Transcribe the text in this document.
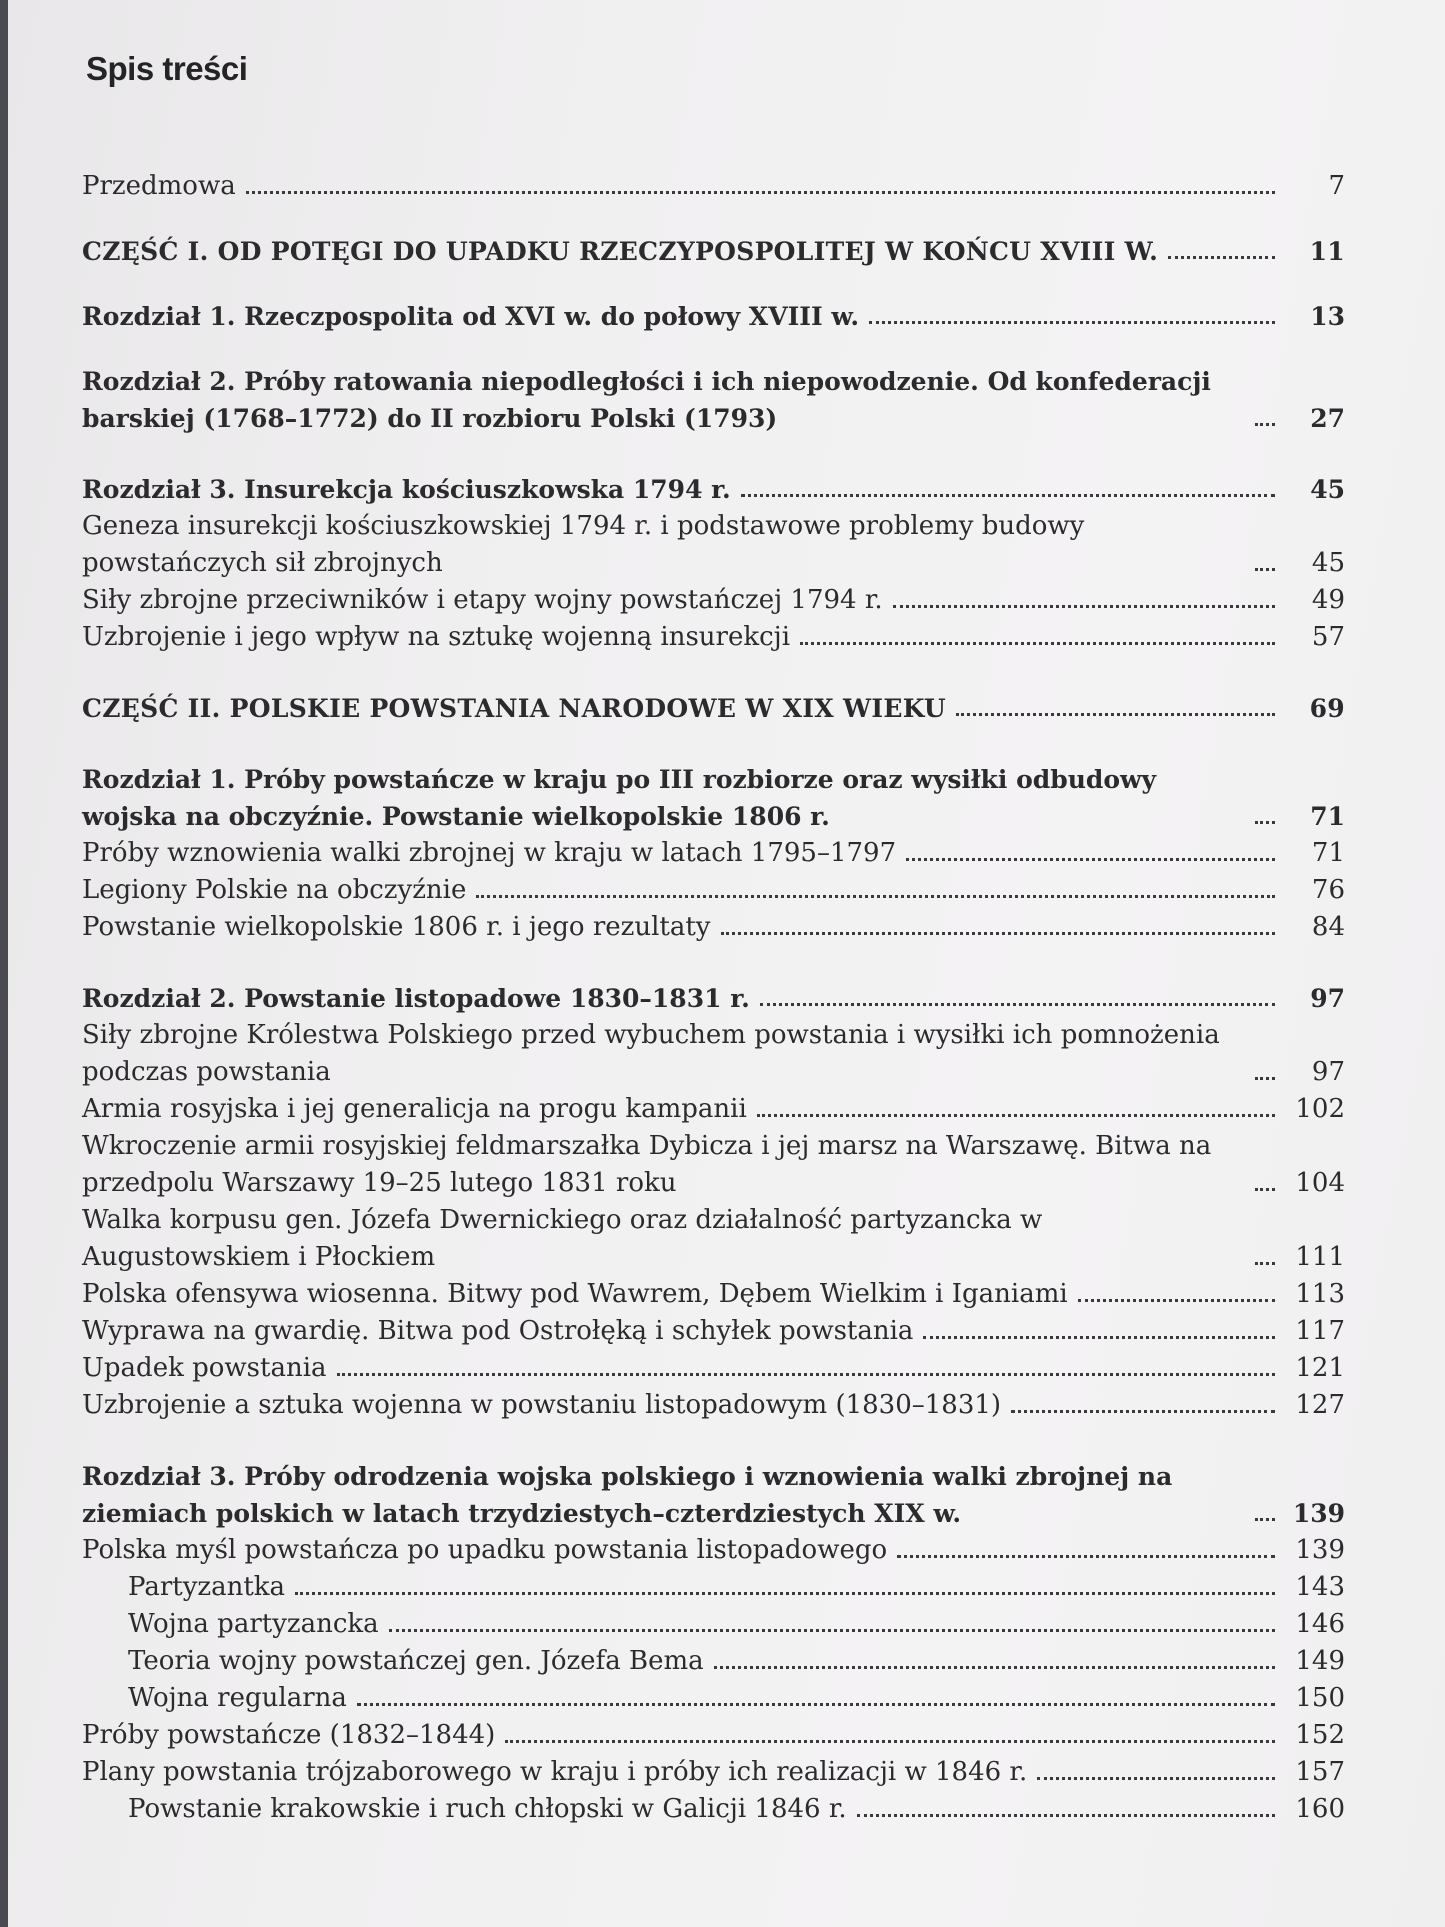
Spis treści
Przedmowa	7
CZĘŚĆ I. OD POTĘGI DO UPADKU RZECZYPOSPOLITEJ W KOŃCU XVIII W.	11
Rozdział 1. Rzeczpospolita od XVI w. do połowy XVIII w.	13
Rozdział 2. Próby ratowania niepodległości i ich niepowodzenie. Od konfederacji barskiej (1768–1772) do II rozbioru Polski (1793)	27
Rozdział 3. Insurekcja kościuszkowska 1794 r.	45
Geneza insurekcji kościuszkowskiej 1794 r. i podstawowe problemy budowy powstańczych sił zbrojnych	45
Siły zbrojne przeciwników i etapy wojny powstańczej 1794 r.	49
Uzbrojenie i jego wpływ na sztukę wojenną insurekcji	57
CZĘŚĆ II. POLSKIE POWSTANIA NARODOWE W XIX WIEKU	69
Rozdział 1. Próby powstańcze w kraju po III rozbiorze oraz wysiłki odbudowy wojska na obczyźnie. Powstanie wielkopolskie 1806 r.	71
Próby wznowienia walki zbrojnej w kraju w latach 1795–1797	71
Legiony Polskie na obczyźnie	76
Powstanie wielkopolskie 1806 r. i jego rezultaty	84
Rozdział 2. Powstanie listopadowe 1830–1831 r.	97
Siły zbrojne Królestwa Polskiego przed wybuchem powstania i wysiłki ich pomnożenia podczas powstania	97
Armia rosyjska i jej generalicja na progu kampanii	102
Wkroczenie armii rosyjskiej feldmarszałka Dybicza i jej marsz na Warszawę. Bitwa na przedpolu Warszawy 19–25 lutego 1831 roku	104
Walka korpusu gen. Józefa Dwernickiego oraz działalność partyzancka w Augustowskiem i Płockiem	111
Polska ofensywa wiosenna. Bitwy pod Wawrem, Dębem Wielkim i Iganiami	113
Wyprawa na gwardię. Bitwa pod Ostrołęką i schyłek powstania	117
Upadek powstania	121
Uzbrojenie a sztuka wojenna w powstaniu listopadowym (1830–1831)	127
Rozdział 3. Próby odrodzenia wojska polskiego i wznowienia walki zbrojnej na ziemiach polskich w latach trzydziestych–czterdziestych XIX w.	139
Polska myśl powstańcza po upadku powstania listopadowego	139
Partyzantka	143
Wojna partyzancka	146
Teoria wojny powstańczej gen. Józefa Bema	149
Wojna regularna	150
Próby powstańcze (1832–1844)	152
Plany powstania trójzaborowego w kraju i próby ich realizacji w 1846 r.	157
Powstanie krakowskie i ruch chłopski w Galicji 1846 r.	160
